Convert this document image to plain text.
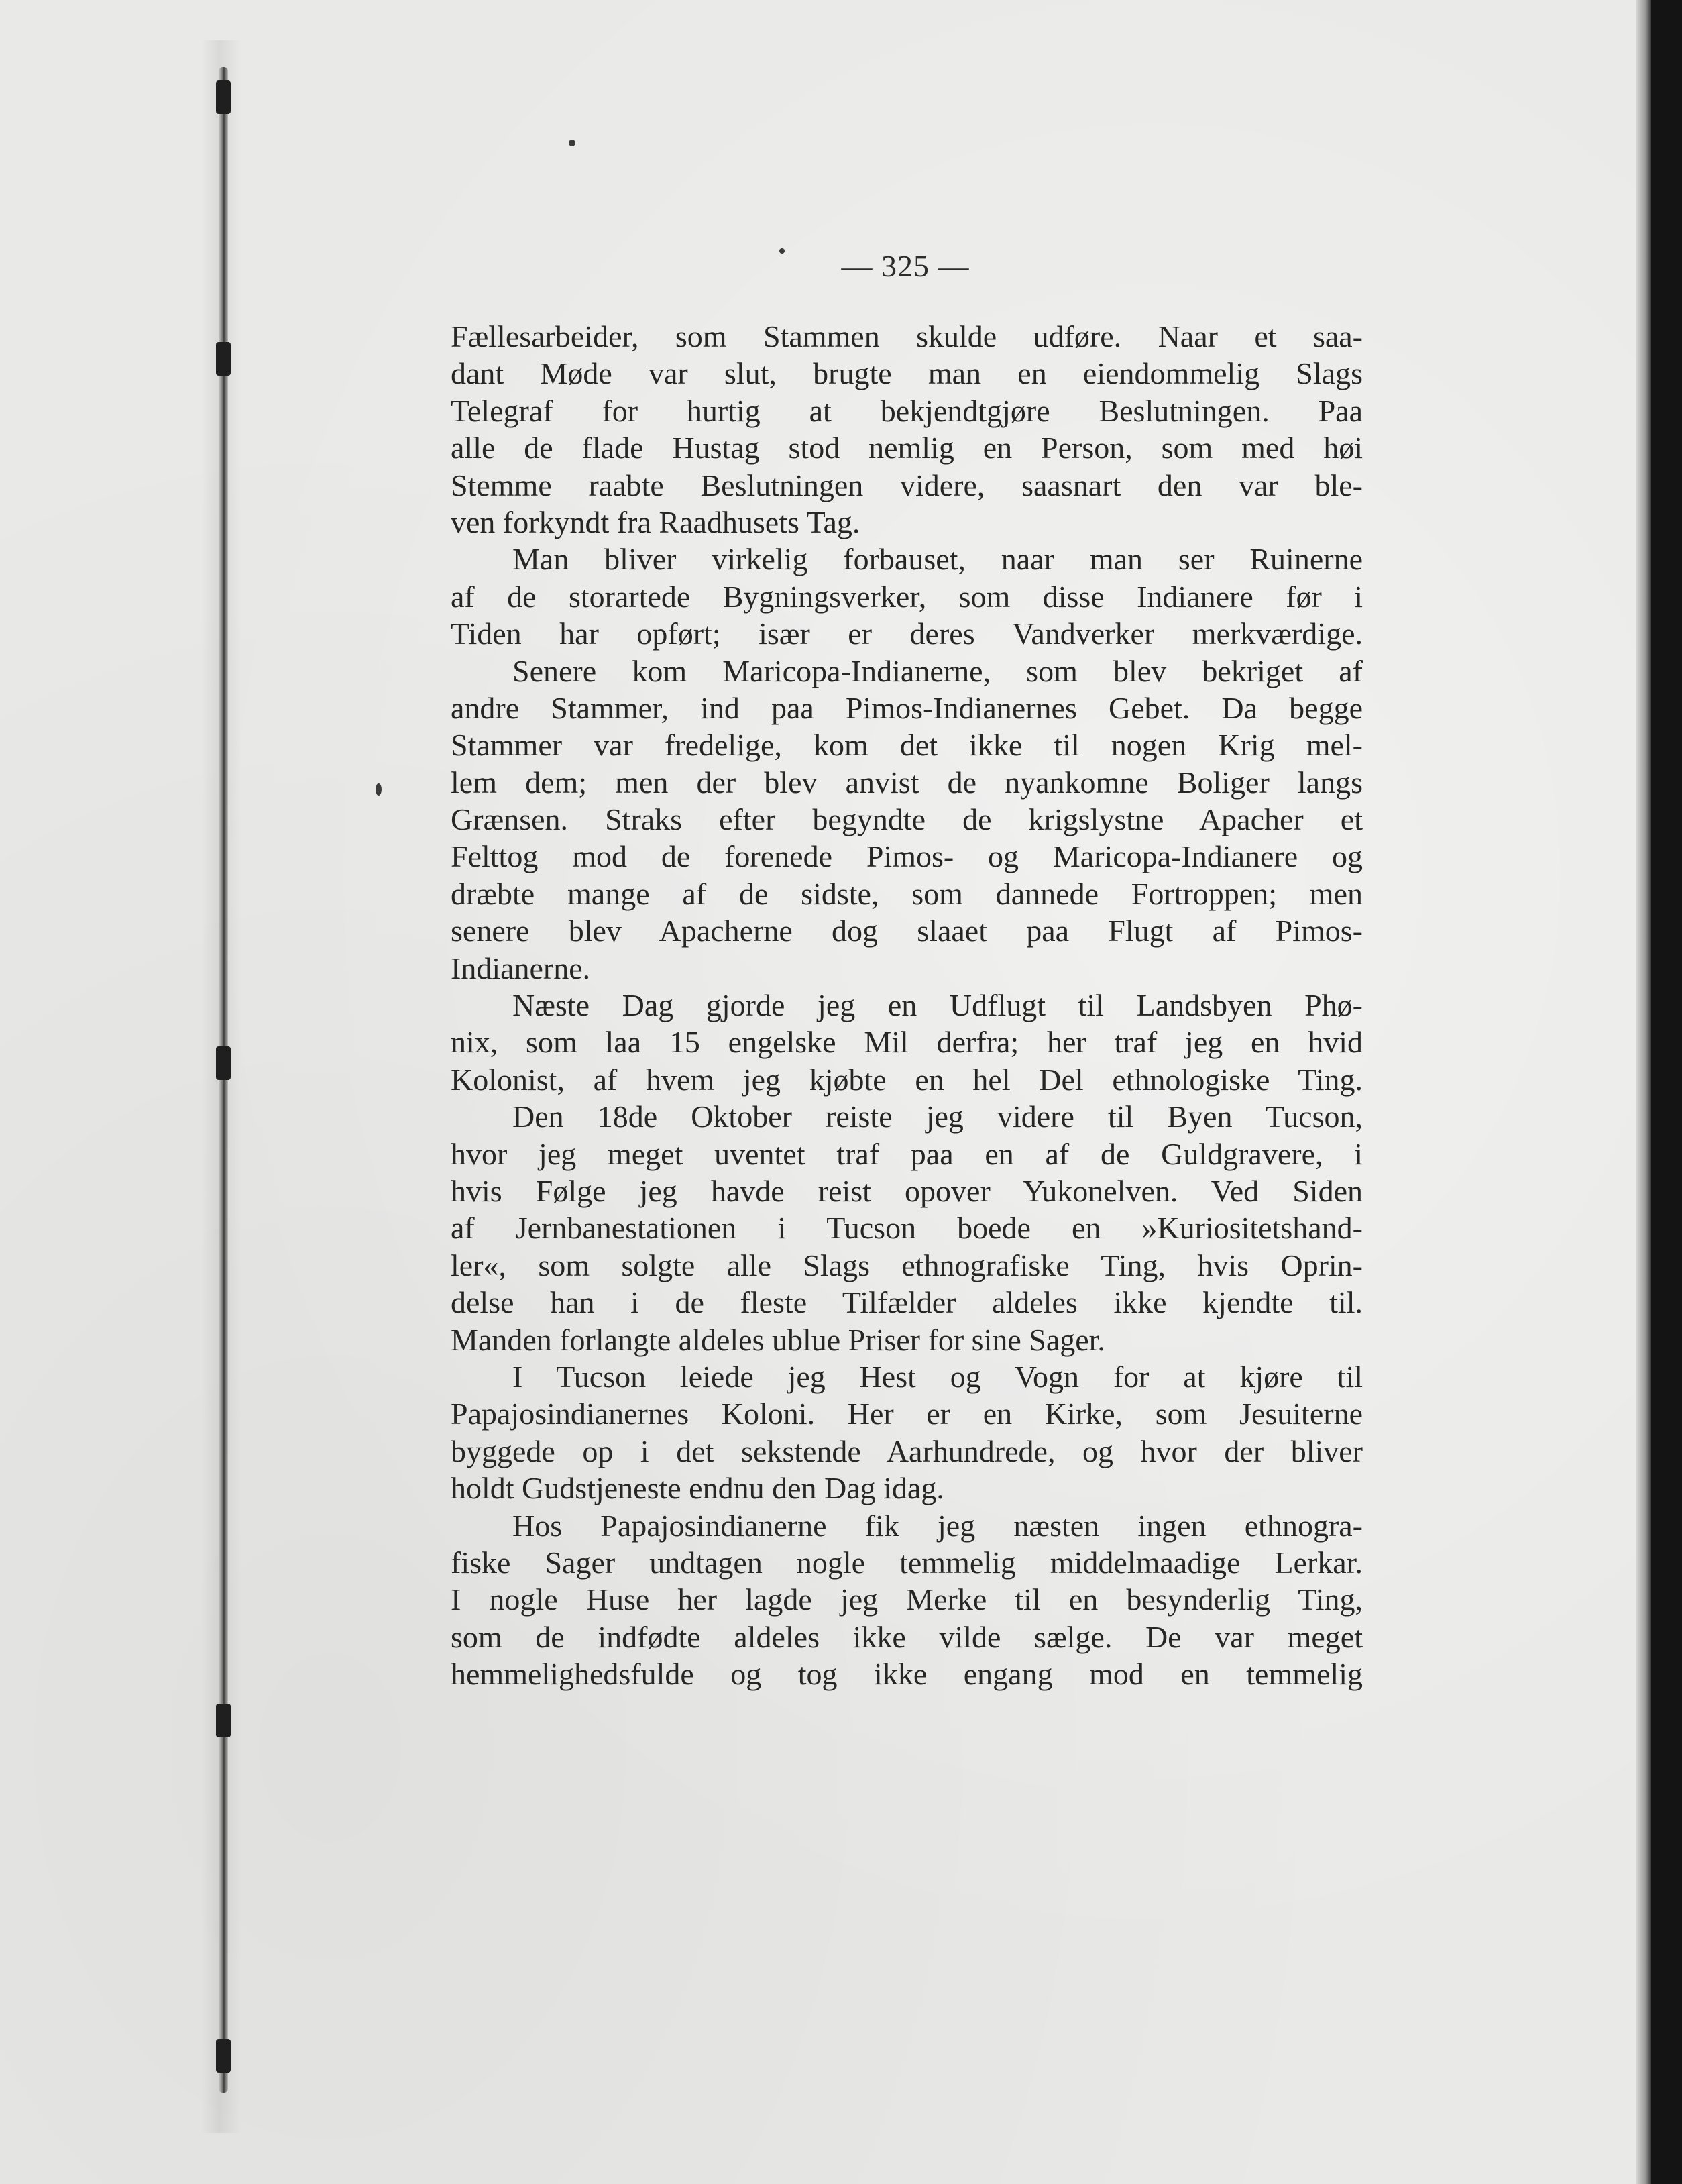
— 325 —
Fællesarbeider, som Stammen skulde udføre. Naar et saa-
dant Møde var slut, brugte man en eiendommelig Slags
Telegraf for hurtig at bekjendtgjøre Beslutningen. Paa
alle de flade Hustag stod nemlig en Person, som med høi
Stemme raabte Beslutningen videre, saasnart den var ble-
ven forkyndt fra Raadhusets Tag.
Man bliver virkelig forbauset, naar man ser Ruinerne
af de storartede Bygningsverker, som disse Indianere før i
Tiden har opført; især er deres Vandverker merkværdige.
Senere kom Maricopa-Indianerne, som blev bekriget af
andre Stammer, ind paa Pimos-Indianernes Gebet. Da begge
Stammer var fredelige, kom det ikke til nogen Krig mel-
lem dem; men der blev anvist de nyankomne Boliger langs
Grænsen. Straks efter begyndte de krigslystne Apacher et
Felttog mod de forenede Pimos- og Maricopa-Indianere og
dræbte mange af de sidste, som dannede Fortroppen; men
senere blev Apacherne dog slaaet paa Flugt af Pimos-
Indianerne.
Næste Dag gjorde jeg en Udflugt til Landsbyen Phø-
nix, som laa 15 engelske Mil derfra; her traf jeg en hvid
Kolonist, af hvem jeg kjøbte en hel Del ethnologiske Ting.
Den 18de Oktober reiste jeg videre til Byen Tucson,
hvor jeg meget uventet traf paa en af de Guldgravere, i
hvis Følge jeg havde reist opover Yukonelven. Ved Siden
af Jernbanestationen i Tucson boede en »Kuriositetshand-
ler«, som solgte alle Slags ethnografiske Ting, hvis Oprin-
delse han i de fleste Tilfælder aldeles ikke kjendte til.
Manden forlangte aldeles ublue Priser for sine Sager.
I Tucson leiede jeg Hest og Vogn for at kjøre til
Papajosindianernes Koloni. Her er en Kirke, som Jesuiterne
byggede op i det sekstende Aarhundrede, og hvor der bliver
holdt Gudstjeneste endnu den Dag idag.
Hos Papajosindianerne fik jeg næsten ingen ethnogra-
fiske Sager undtagen nogle temmelig middelmaadige Lerkar.
I nogle Huse her lagde jeg Merke til en besynderlig Ting,
som de indfødte aldeles ikke vilde sælge. De var meget
hemmelighedsfulde og tog ikke engang mod en temmelig
